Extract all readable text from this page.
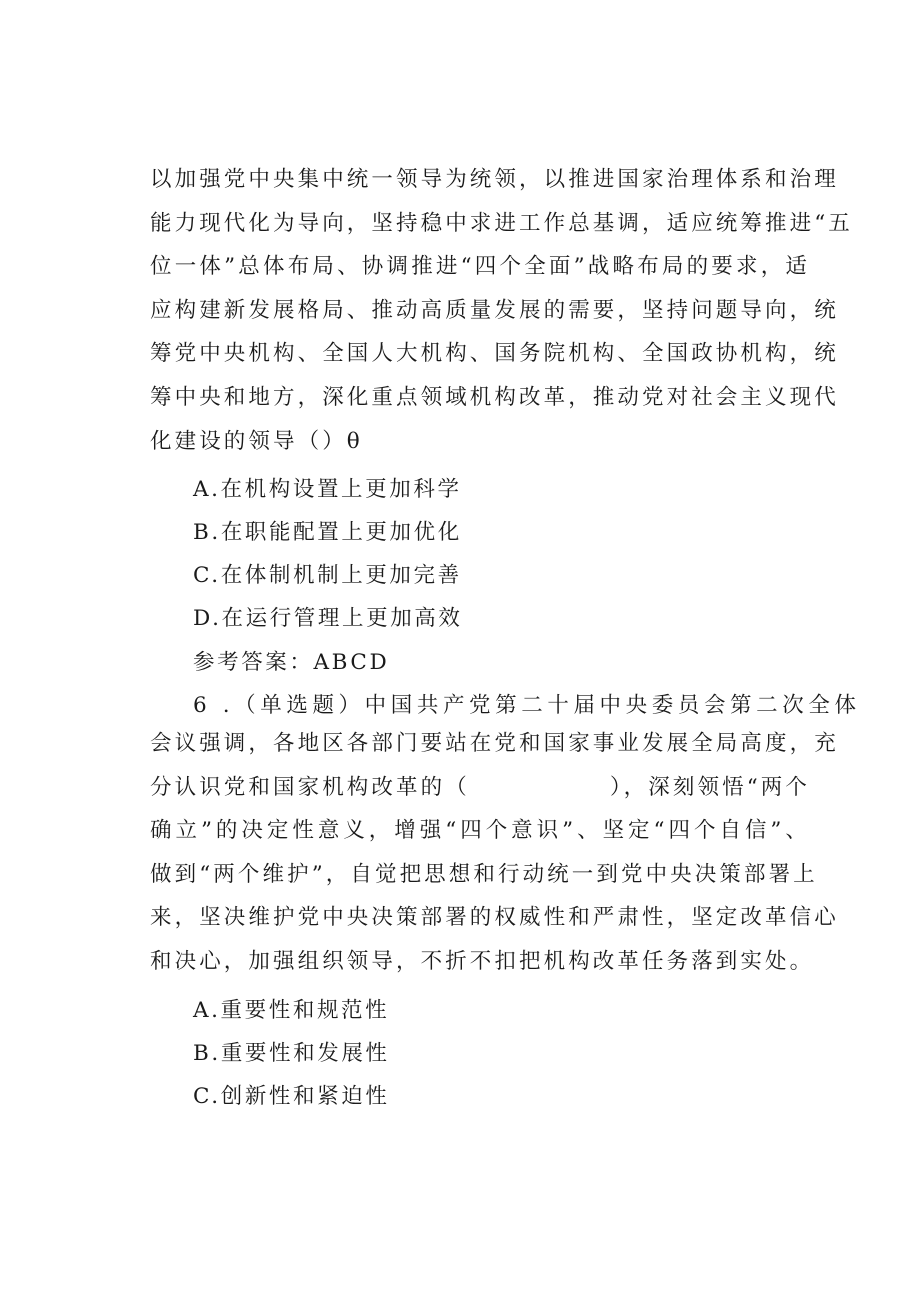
以加强党中央集中统一领导为统领，以推进国家治理体系和治理
能力现代化为导向，坚持稳中求进工作总基调，适应统筹推进“五
位一体”总体布局、协调推进“四个全面”战略布局的要求，适
应构建新发展格局、推动高质量发展的需要，坚持问题导向，统
筹党中央机构、全国人大机构、国务院机构、全国政协机构，统
筹中央和地方，深化重点领域机构改革，推动党对社会主义现代
化建设的领导（）θ

A.在机构设置上更加科学

B.在职能配置上更加优化

C.在体制机制上更加完善

D.在运行管理上更加高效

参考答案：ABCD

6 .（单选题）中国共产党第二十届中央委员会第二次全体

会议强调，各地区各部门要站在党和国家事业发展全局高度，充
分认识党和国家机构改革的（	），深刻领悟“两个
确立”的决定性意义，增强“四个意识”、坚定“四个自信”、
做到“两个维护”，自觉把思想和行动统一到党中央决策部署上
来，坚决维护党中央决策部署的权威性和严肃性，坚定改革信心
和决心，加强组织领导，不折不扣把机构改革任务落到实处。

A.重要性和规范性

B.重要性和发展性

C.创新性和紧迫性
